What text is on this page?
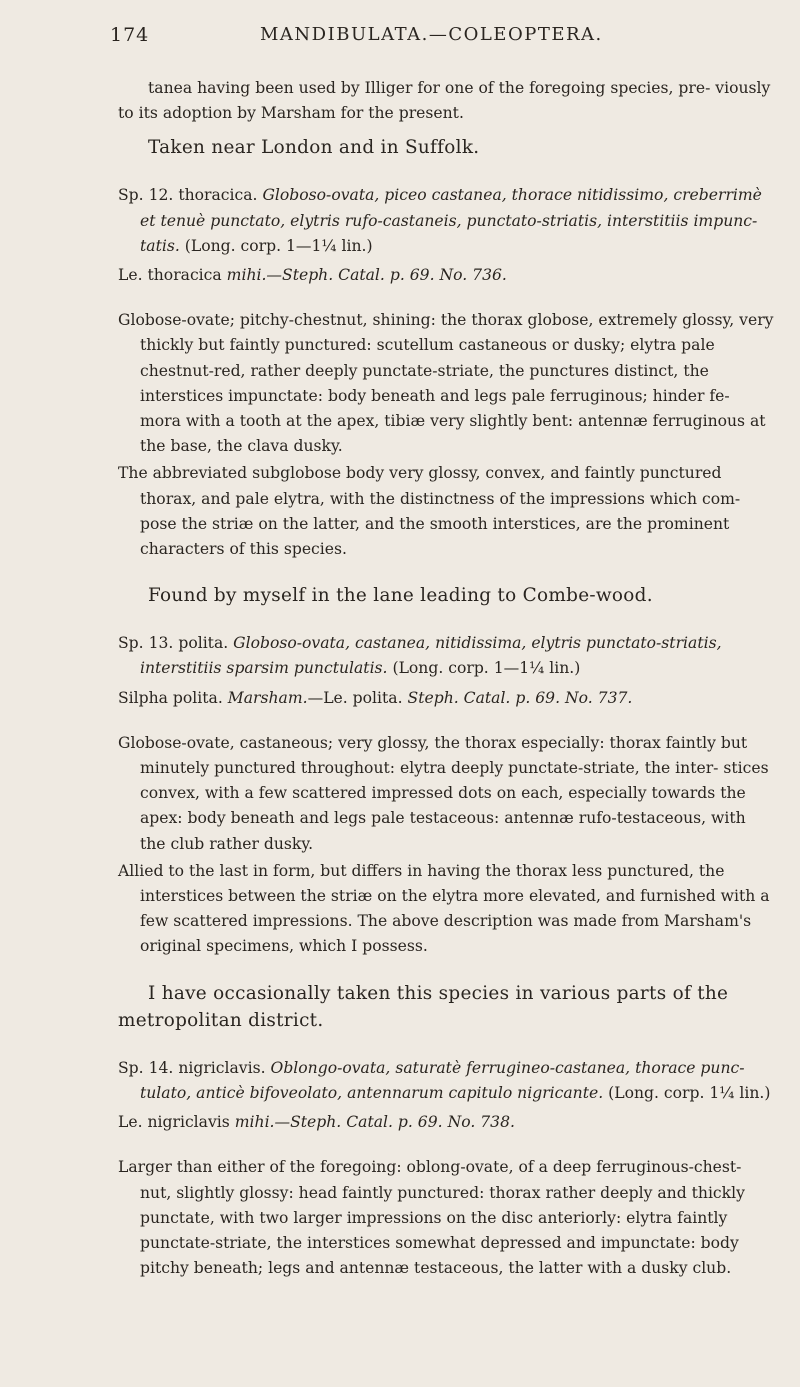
174	MANDIBULATA.—COLEOPTERA.

tanea having been used by Illiger for one of the foregoing species, pre- viously to its adoption by Marsham for the present.

Taken near London and in Suffolk.

Sp. 12. thoracica. Globoso-ovata, piceo castanea, thorace nitidissimo, creberrimè et tenuè punctato, elytris rufo-castaneis, punctato-striatis, interstitiis impunc- tatis. (Long. corp. 1—1¼ lin.)

Le. thoracica mihi.—Steph. Catal. p. 69. No. 736.

Globose-ovate; pitchy-chestnut, shining: the thorax globose, extremely glossy, very thickly but faintly punctured: scutellum castaneous or dusky; elytra pale chestnut-red, rather deeply punctate-striate, the punctures distinct, the interstices impunctate: body beneath and legs pale ferruginous; hinder fe- mora with a tooth at the apex, tibiæ very slightly bent: antennæ ferruginous at the base, the clava dusky.

The abbreviated subglobose body very glossy, convex, and faintly punctured thorax, and pale elytra, with the distinctness of the impressions which com- pose the striæ on the latter, and the smooth interstices, are the prominent characters of this species.

Found by myself in the lane leading to Combe-wood.

Sp. 13. polita. Globoso-ovata, castanea, nitidissima, elytris punctato-striatis, interstitiis sparsim punctulatis. (Long. corp. 1—1¼ lin.)

Silpha polita. Marsham.—Le. polita. Steph. Catal. p. 69. No. 737.

Globose-ovate, castaneous; very glossy, the thorax especially: thorax faintly but minutely punctured throughout: elytra deeply punctate-striate, the inter- stices convex, with a few scattered impressed dots on each, especially towards the apex: body beneath and legs pale testaceous: antennæ rufo-testaceous, with the club rather dusky.

Allied to the last in form, but differs in having the thorax less punctured, the interstices between the striæ on the elytra more elevated, and furnished with a few scattered impressions. The above description was made from Marsham's original specimens, which I possess.

I have occasionally taken this species in various parts of the metropolitan district.

Sp. 14. nigriclavis. Oblongo-ovata, saturatè ferrugineo-castanea, thorace punc- tulato, anticè bifoveolato, antennarum capitulo nigricante. (Long. corp. 1¼ lin.)

Le. nigriclavis mihi.—Steph. Catal. p. 69. No. 738.

Larger than either of the foregoing: oblong-ovate, of a deep ferruginous-chest- nut, slightly glossy: head faintly punctured: thorax rather deeply and thickly punctate, with two larger impressions on the disc anteriorly: elytra faintly punctate-striate, the interstices somewhat depressed and impunctate: body pitchy beneath; legs and antennæ testaceous, the latter with a dusky club.
